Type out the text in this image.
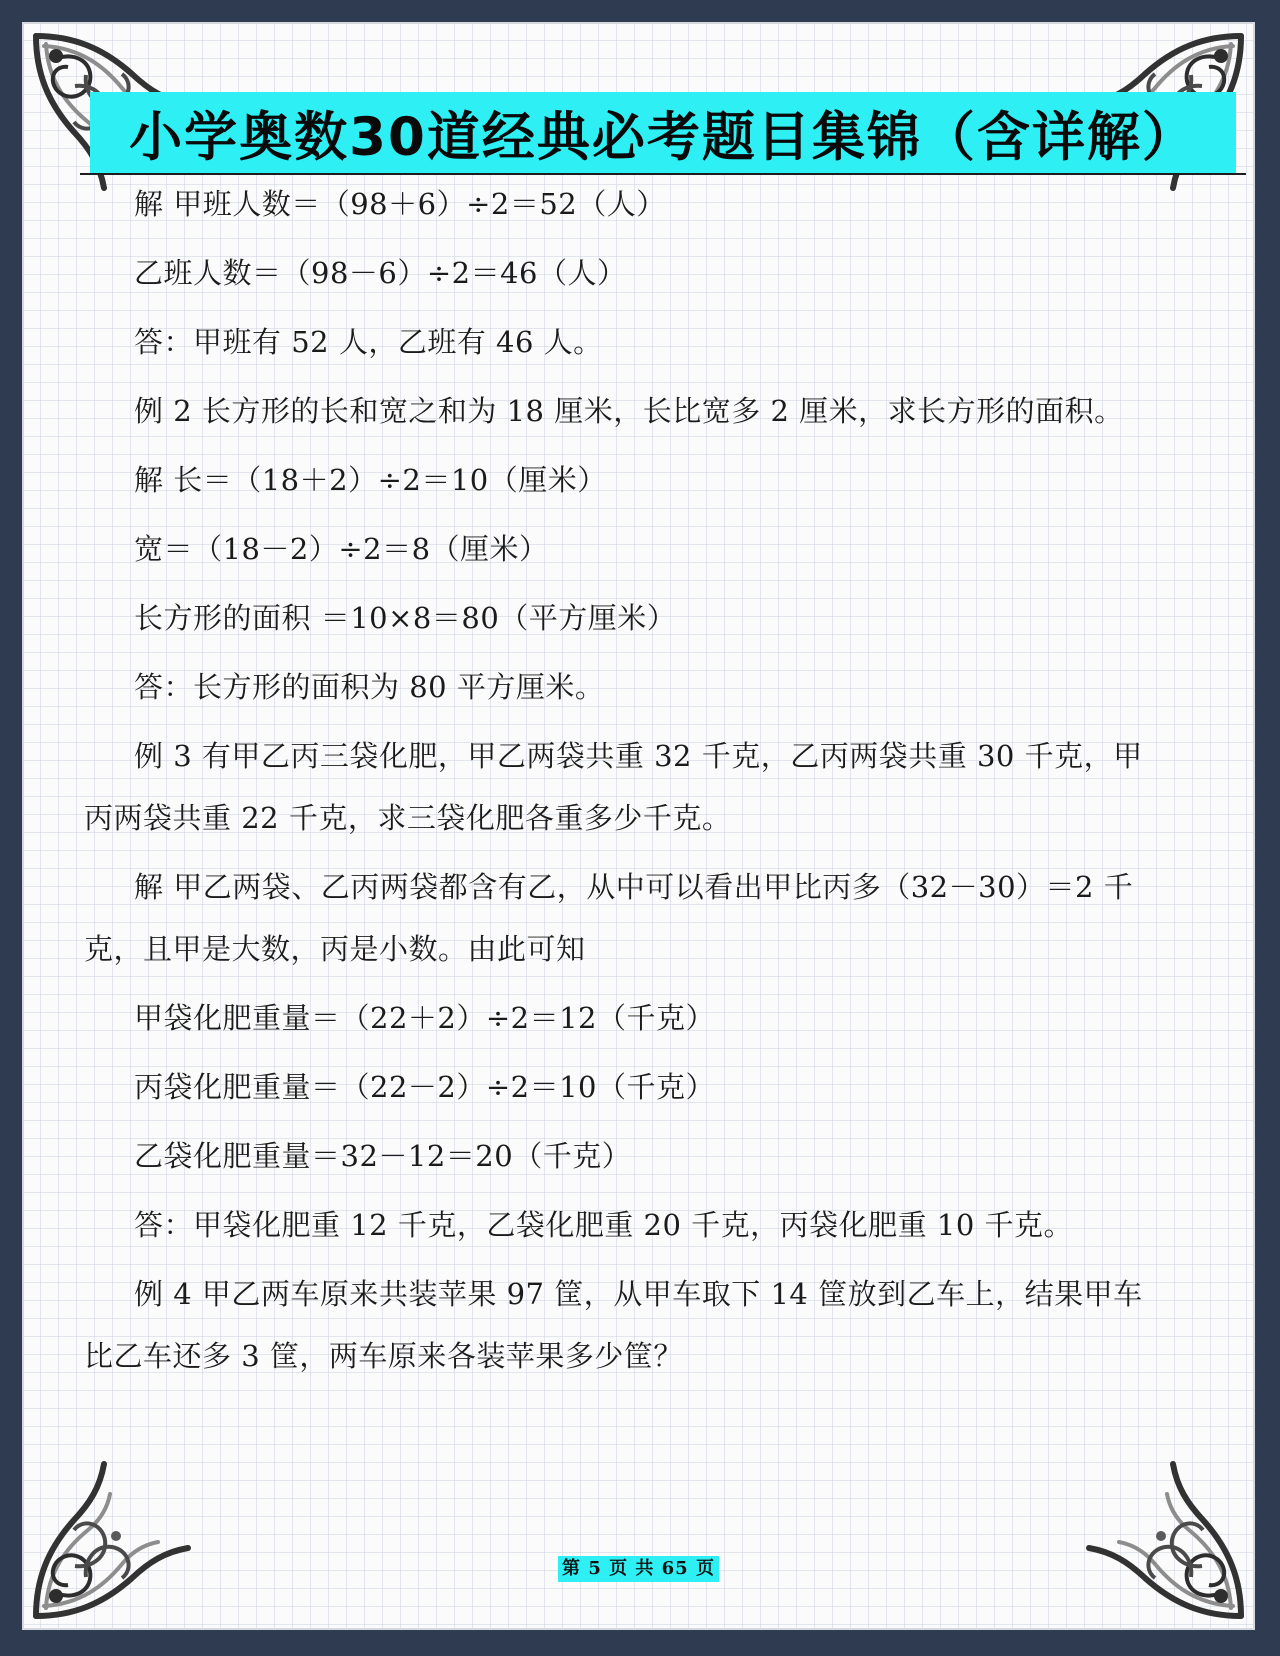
小学奥数30道经典必考题目集锦（含详解）
解 甲班人数＝（98＋6）÷2＝52（人）
乙班人数＝（98－6）÷2＝46（人）
答：甲班有 52 人，乙班有 46 人。
例 2 长方形的长和宽之和为 18 厘米，长比宽多 2 厘米，求长方形的面积。
解 长＝（18＋2）÷2＝10（厘米）
宽＝（18－2）÷2＝8（厘米）
长方形的面积 ＝10×8＝80（平方厘米）
答：长方形的面积为 80 平方厘米。
例 3 有甲乙丙三袋化肥，甲乙两袋共重 32 千克，乙丙两袋共重 30 千克，甲
丙两袋共重 22 千克，求三袋化肥各重多少千克。
解 甲乙两袋、乙丙两袋都含有乙，从中可以看出甲比丙多（32－30）＝2 千
克，且甲是大数，丙是小数。由此可知
甲袋化肥重量＝（22＋2）÷2＝12（千克）
丙袋化肥重量＝（22－2）÷2＝10（千克）
乙袋化肥重量＝32－12＝20（千克）
答：甲袋化肥重 12 千克，乙袋化肥重 20 千克，丙袋化肥重 10 千克。
例 4 甲乙两车原来共装苹果 97 筐，从甲车取下 14 筐放到乙车上，结果甲车
比乙车还多 3 筐，两车原来各装苹果多少筐？
第 5 页 共 65 页
